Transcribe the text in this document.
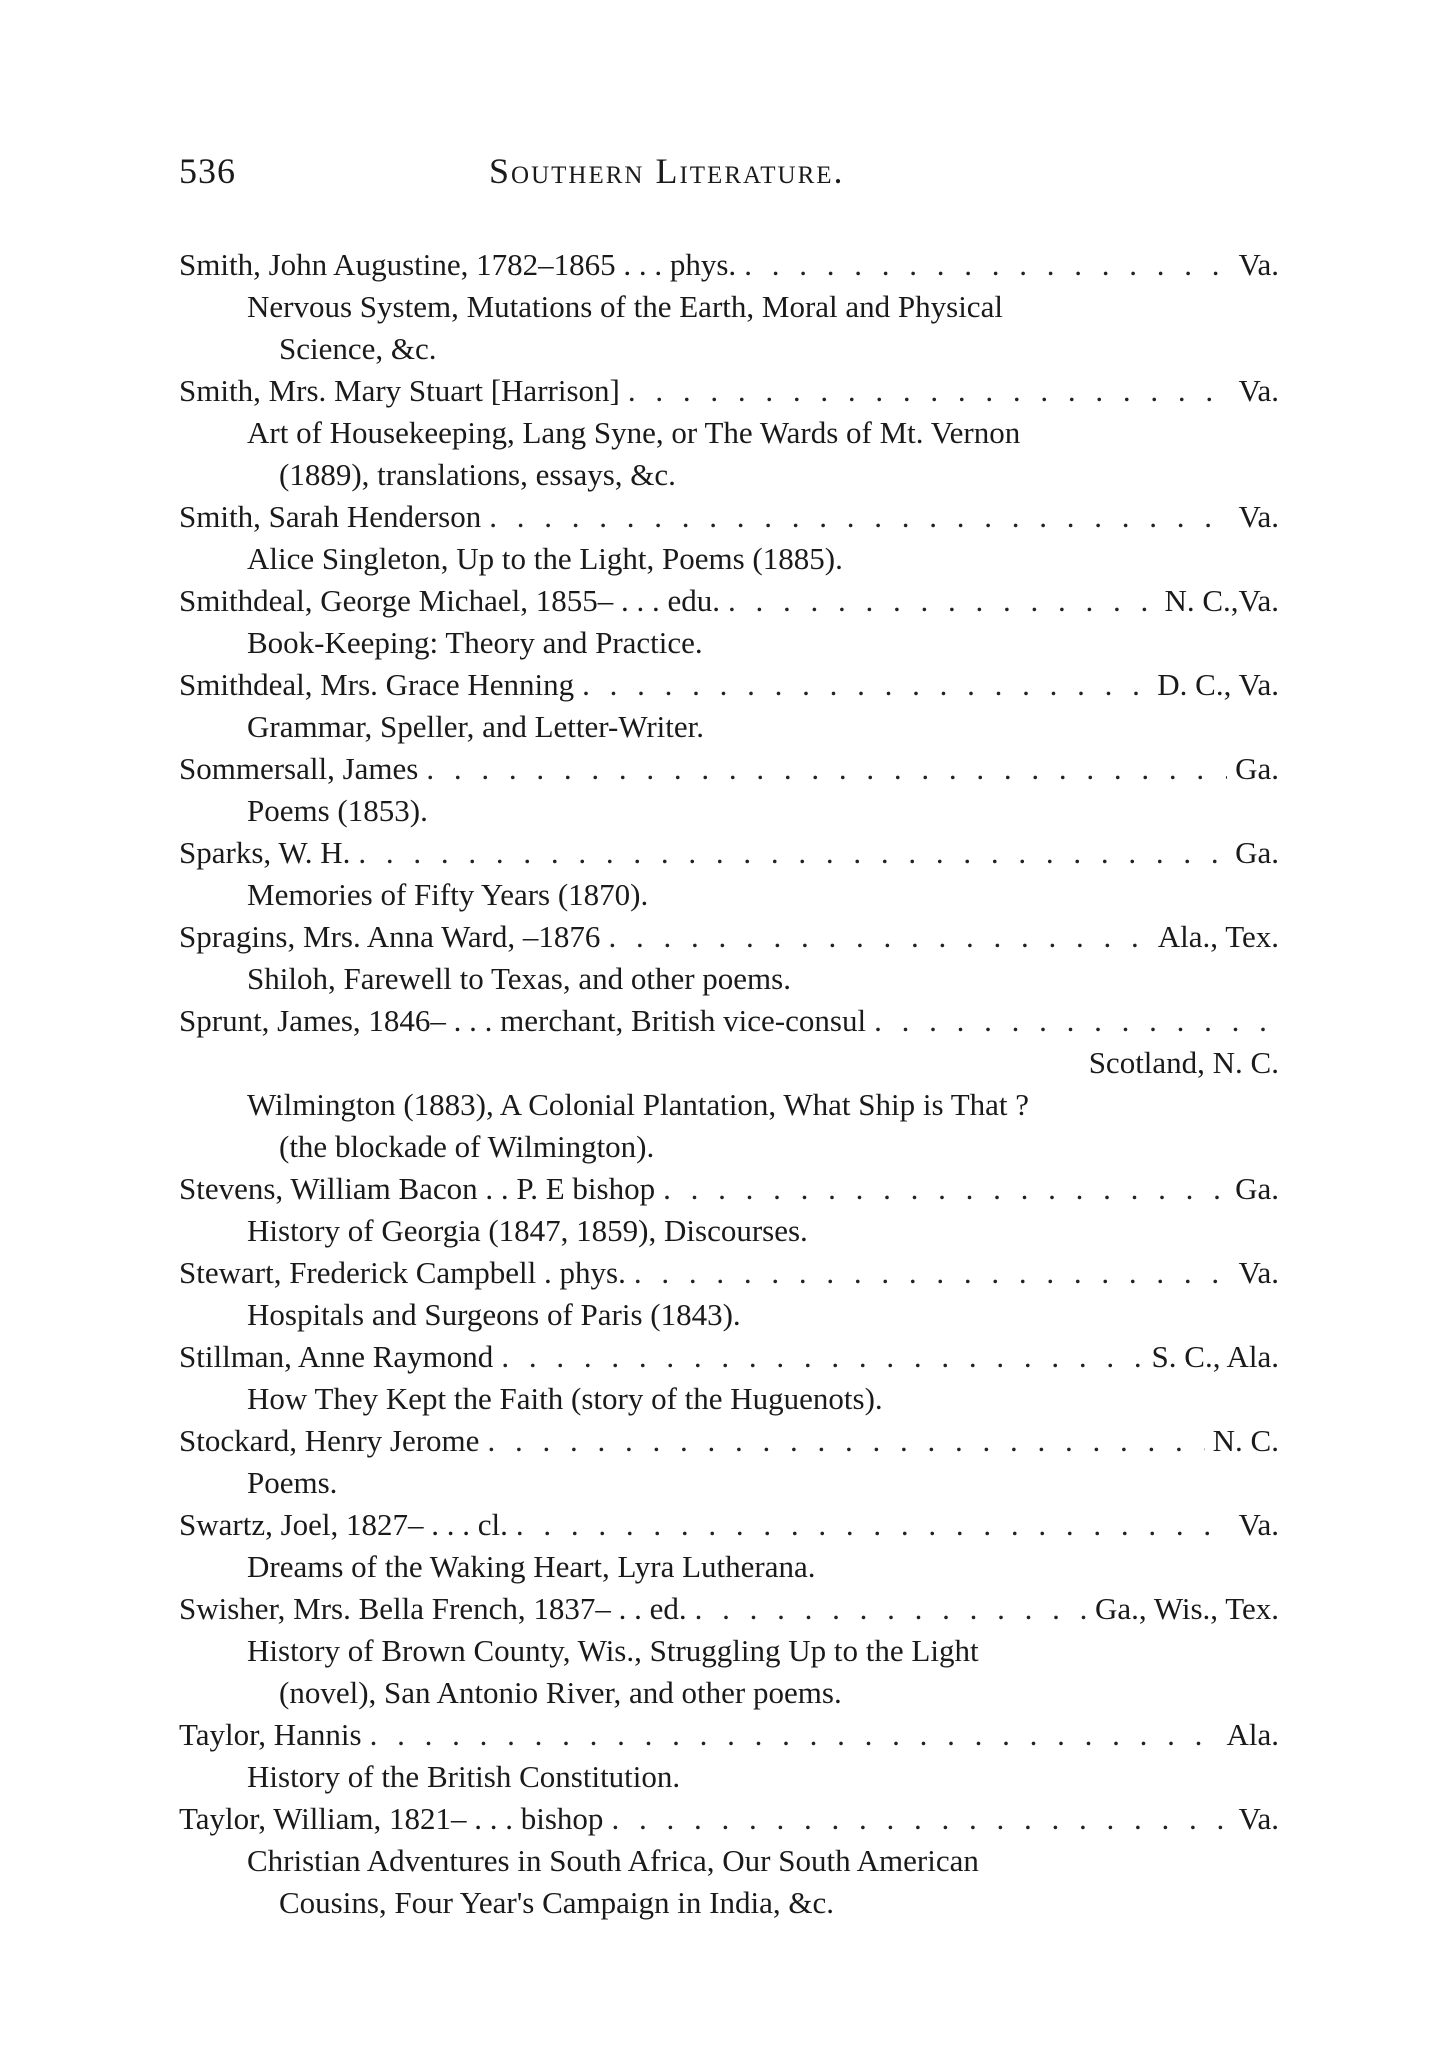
536	Southern Literature.
Smith, John Augustine, 1782–1865 . . . phys. . . .	Va.
Nervous System, Mutations of the Earth, Moral and Physical
Science, &c.
Smith, Mrs. Mary Stuart [Harrison] . . .	Va.
Art of Housekeeping, Lang Syne, or The Wards of Mt. Vernon
(1889), translations, essays, &c.
Smith, Sarah Henderson . . .	Va.
Alice Singleton, Up to the Light, Poems (1885).
Smithdeal, George Michael, 1855– . . . edu. . . .	N. C.,Va.
Book-Keeping: Theory and Practice.
Smithdeal, Mrs. Grace Henning . . .	D. C., Va.
Grammar, Speller, and Letter-Writer.
Sommersall, James . . .	Ga.
Poems (1853).
Sparks, W. H. . . .	Ga.
Memories of Fifty Years (1870).
Spragins, Mrs. Anna Ward, –1876 . . .	Ala., Tex.
Shiloh, Farewell to Texas, and other poems.
Sprunt, James, 1846– . . . merchant, British vice-consul
. . .
Scotland, N. C.
Wilmington (1883), A Colonial Plantation, What Ship is That ?
(the blockade of Wilmington).
Stevens, William Bacon . . P. E bishop . . .	Ga.
History of Georgia (1847, 1859), Discourses.
Stewart, Frederick Campbell . phys. . . .	Va.
Hospitals and Surgeons of Paris (1843).
Stillman, Anne Raymond . . .	S. C., Ala.
How They Kept the Faith (story of the Huguenots).
Stockard, Henry Jerome . . .	N. C.
Poems.
Swartz, Joel, 1827– . . . cl. . . .	Va.
Dreams of the Waking Heart, Lyra Lutherana.
Swisher, Mrs. Bella French, 1837– . . ed. . . .	Ga., Wis., Tex.
History of Brown County, Wis., Struggling Up to the Light
(novel), San Antonio River, and other poems.
Taylor, Hannis . . .	Ala.
History of the British Constitution.
Taylor, William, 1821– . . . bishop . . .	Va.
Christian Adventures in South Africa, Our South American
Cousins, Four Year's Campaign in India, &c.
